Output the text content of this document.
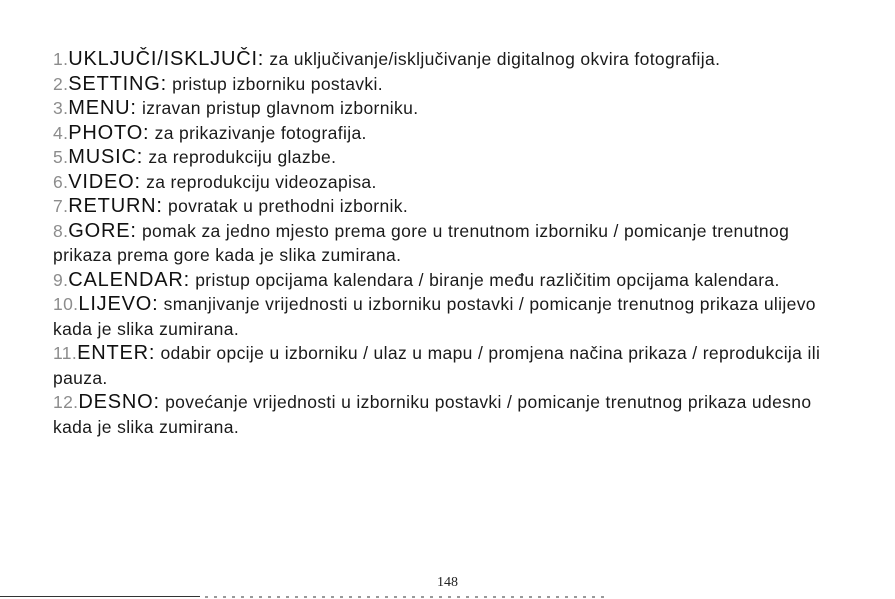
1.UKLJUČI/ISKLJUČI: za uključivanje/isključivanje digitalnog okvira fotografija.

2.SETTING: pristup izborniku postavki.

3.MENU: izravan pristup glavnom izborniku.

4.PHOTO: za prikazivanje fotografija.

5.MUSIC: za reprodukciju glazbe.

6.VIDEO: za reprodukciju videozapisa.

7.RETURN: povratak u prethodni izbornik.

8.GORE: pomak za jedno mjesto prema gore u trenutnom izborniku / pomicanje trenutnog prikaza prema gore kada je slika zumirana.

9.CALENDAR: pristup opcijama kalendara / biranje među različitim opcijama kalendara.

10.LIJEVO: smanjivanje vrijednosti u izborniku postavki / pomicanje trenutnog prikaza ulijevo kada je slika zumirana.

11.ENTER: odabir opcije u izborniku / ulaz u mapu / promjena načina prikaza / reprodukcija ili pauza.

12.DESNO: povećanje vrijednosti u izborniku postavki / pomicanje trenutnog prikaza udesno kada je slika zumirana.

148
